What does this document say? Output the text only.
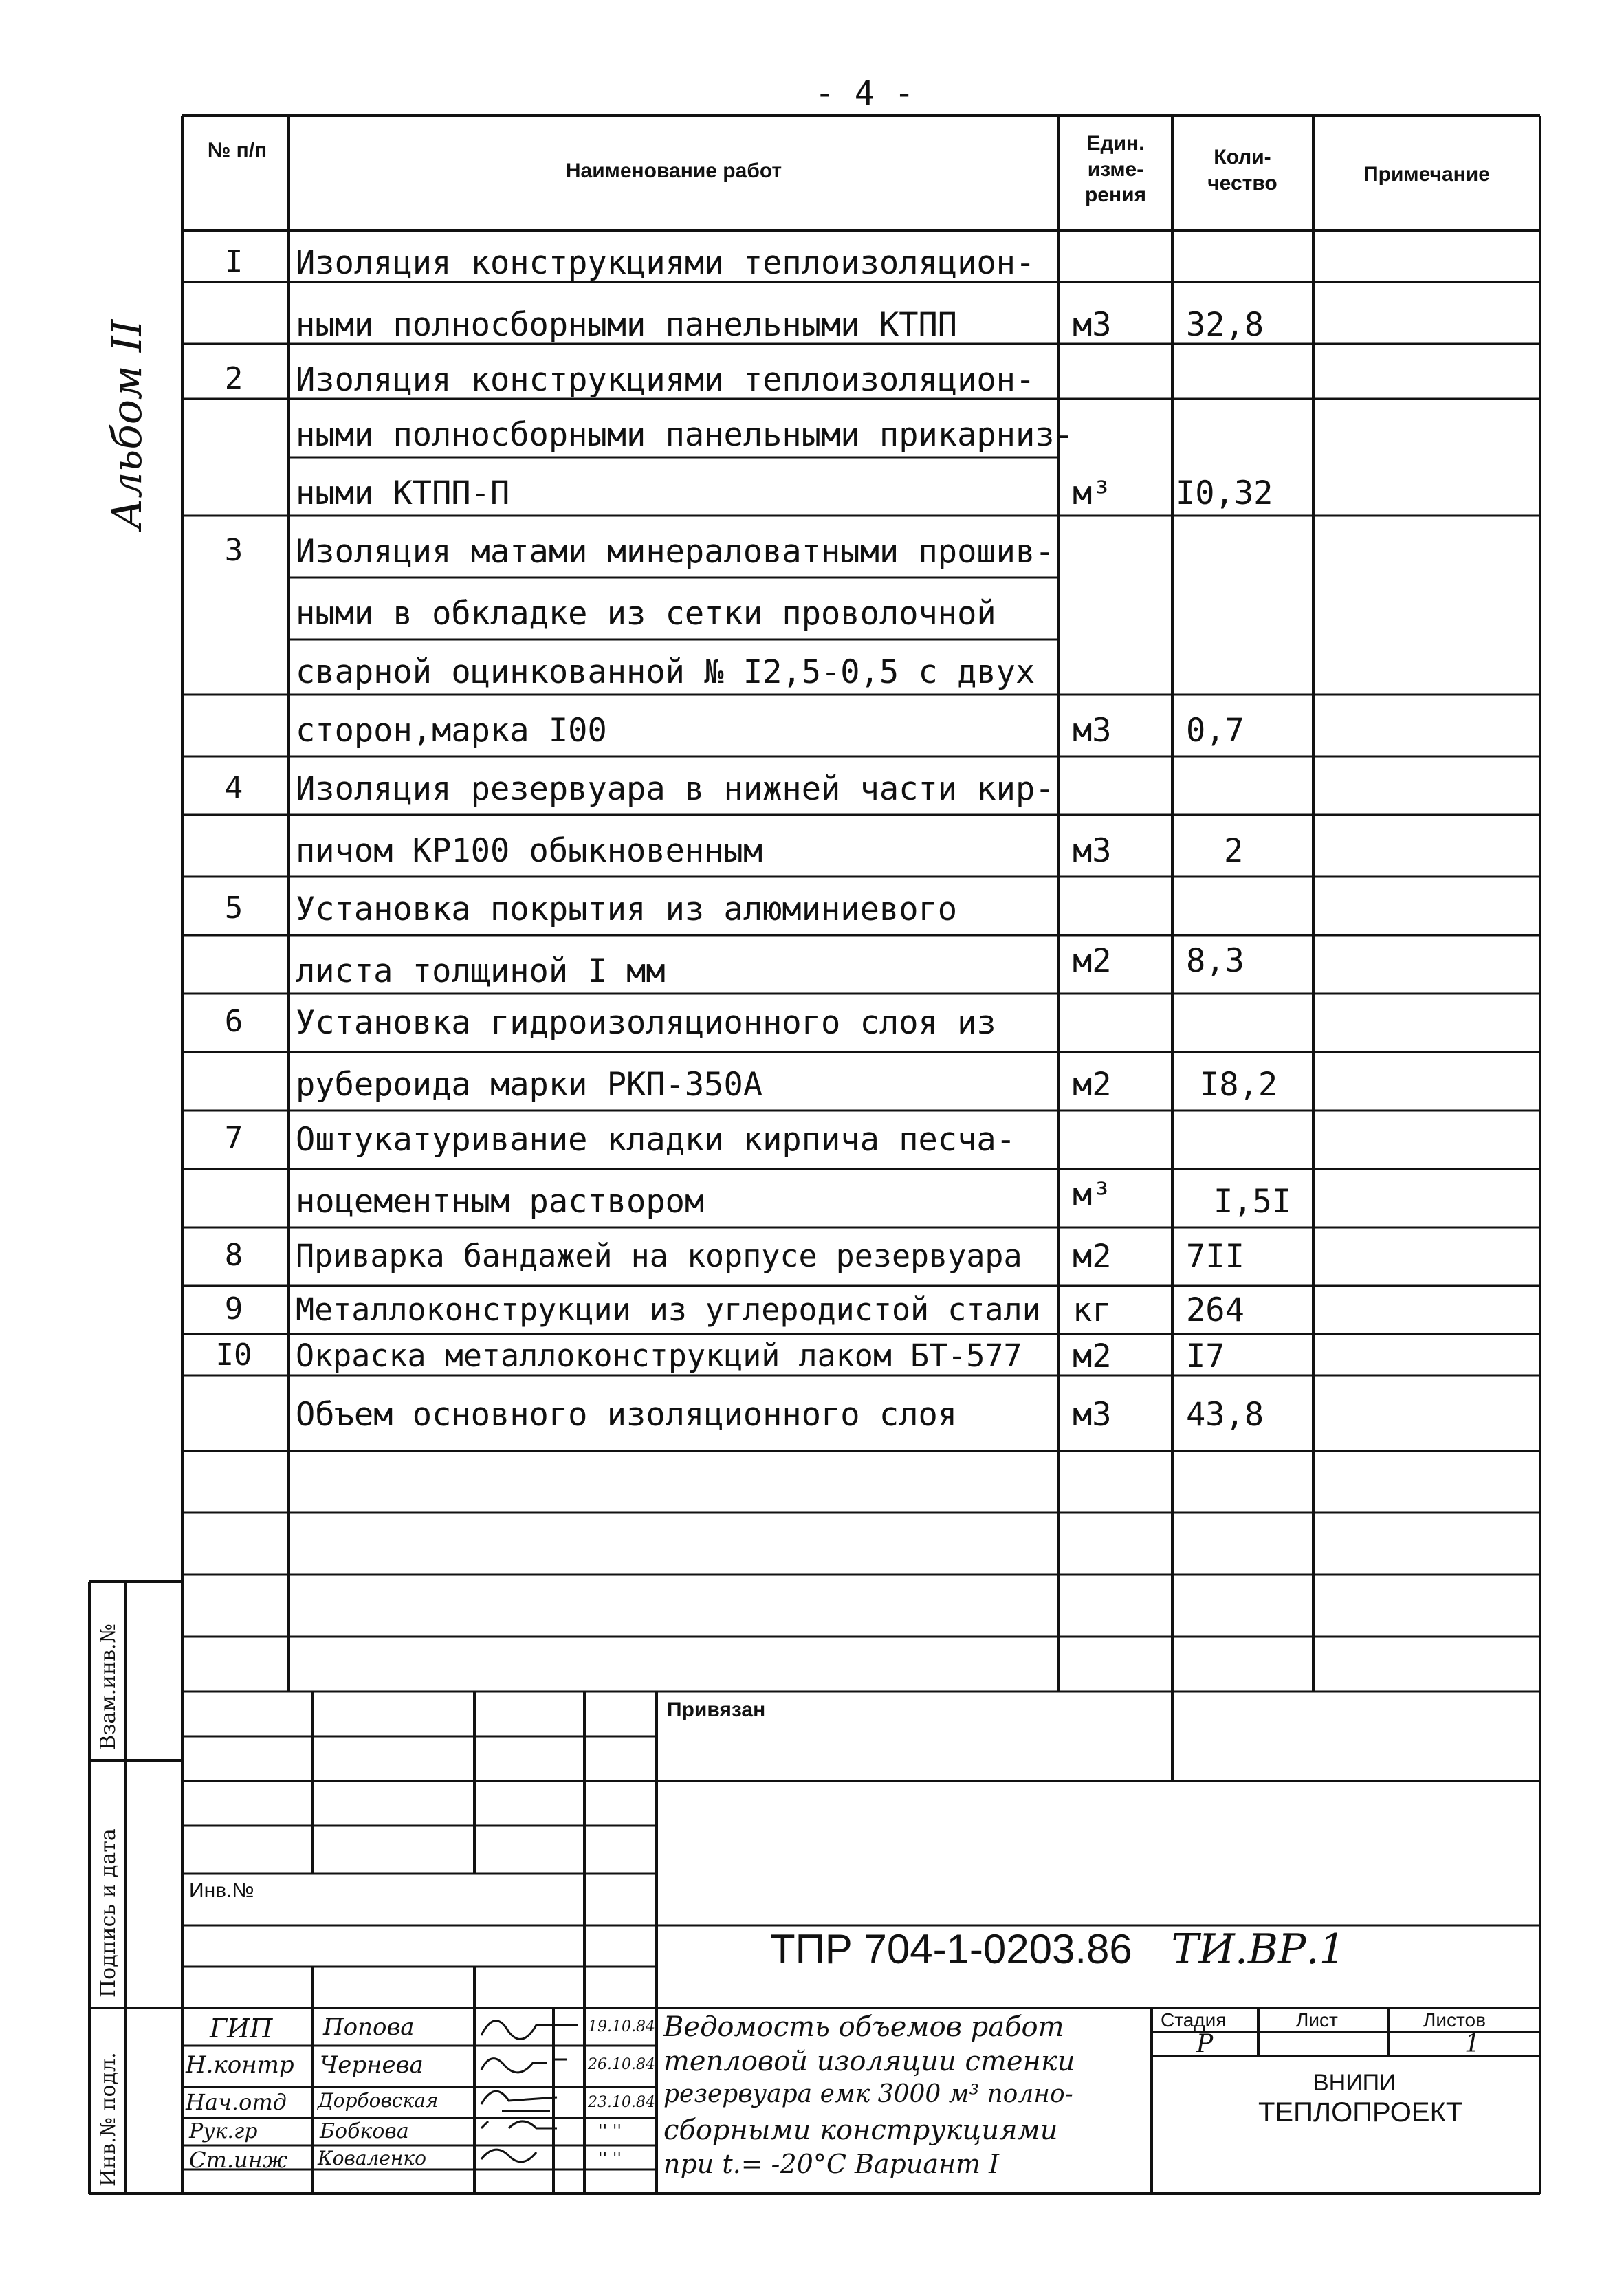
- 4 -
Альбом II
№ п/п
Наименование работ
Един. изме- рения
Коли- чество	Примечание
I	Изоляция конструкциями теплоизоляцион-
ными полносборными панельными КТПП	м3 32,8
2	Изоляция конструкциями теплоизоляцион-
ными полносборными панельными прикарниз-
ными КТПП-П	м³ I0,32
3	Изоляция матами минераловатными прошив-
ными в обкладке из сетки проволочной
сварной оцинкованной № I2,5-0,5 с двух
сторон,марка I00	м3 0,7
4	Изоляция резервуара в нижней части кир-
пичом КР100 обыкновенным	м3	2
5	Установка покрытия из алюминиевого
листа толщиной I мм	м2 8,3
6	Установка гидроизоляционного слоя из
рубероида марки РКП-350А	м2	I8,2
7	Оштукатуривание кладки кирпича песча-
ноцементным раствором	м³	I,5I
8	Приварка бандажей на корпусе резервуара м2 7II
9	Металлоконструкции из углеродистой стали кг 264
I0	Окраска металлоконструкций лаком БТ-577 м2 I7
Объем основного изоляционного слоя	м3 43,8
Взам.инв.№
Подпись и дата
Инв.№ подл.
Привязан
Инв.№
ТПР 704-1-0203.86 ТИ.ВР.1
ГИП
Н.контр
Нач.отд
Рук.гр
Ст.инж
Попова
Чернева
Дорбовская
Бобкова
Коваленко
19.10.84
26.10.84
23.10.84
'' ''
'' ''
Ведомость объемов работ
тепловой изоляции стенки
резервуара емк 3000 м³ полно-
сборными конструкциями
при t.= -20°С Вариант I
Стадия	Лист	Листов
Р	1
ВНИПИ
ТЕПЛОПРОЕКТ
